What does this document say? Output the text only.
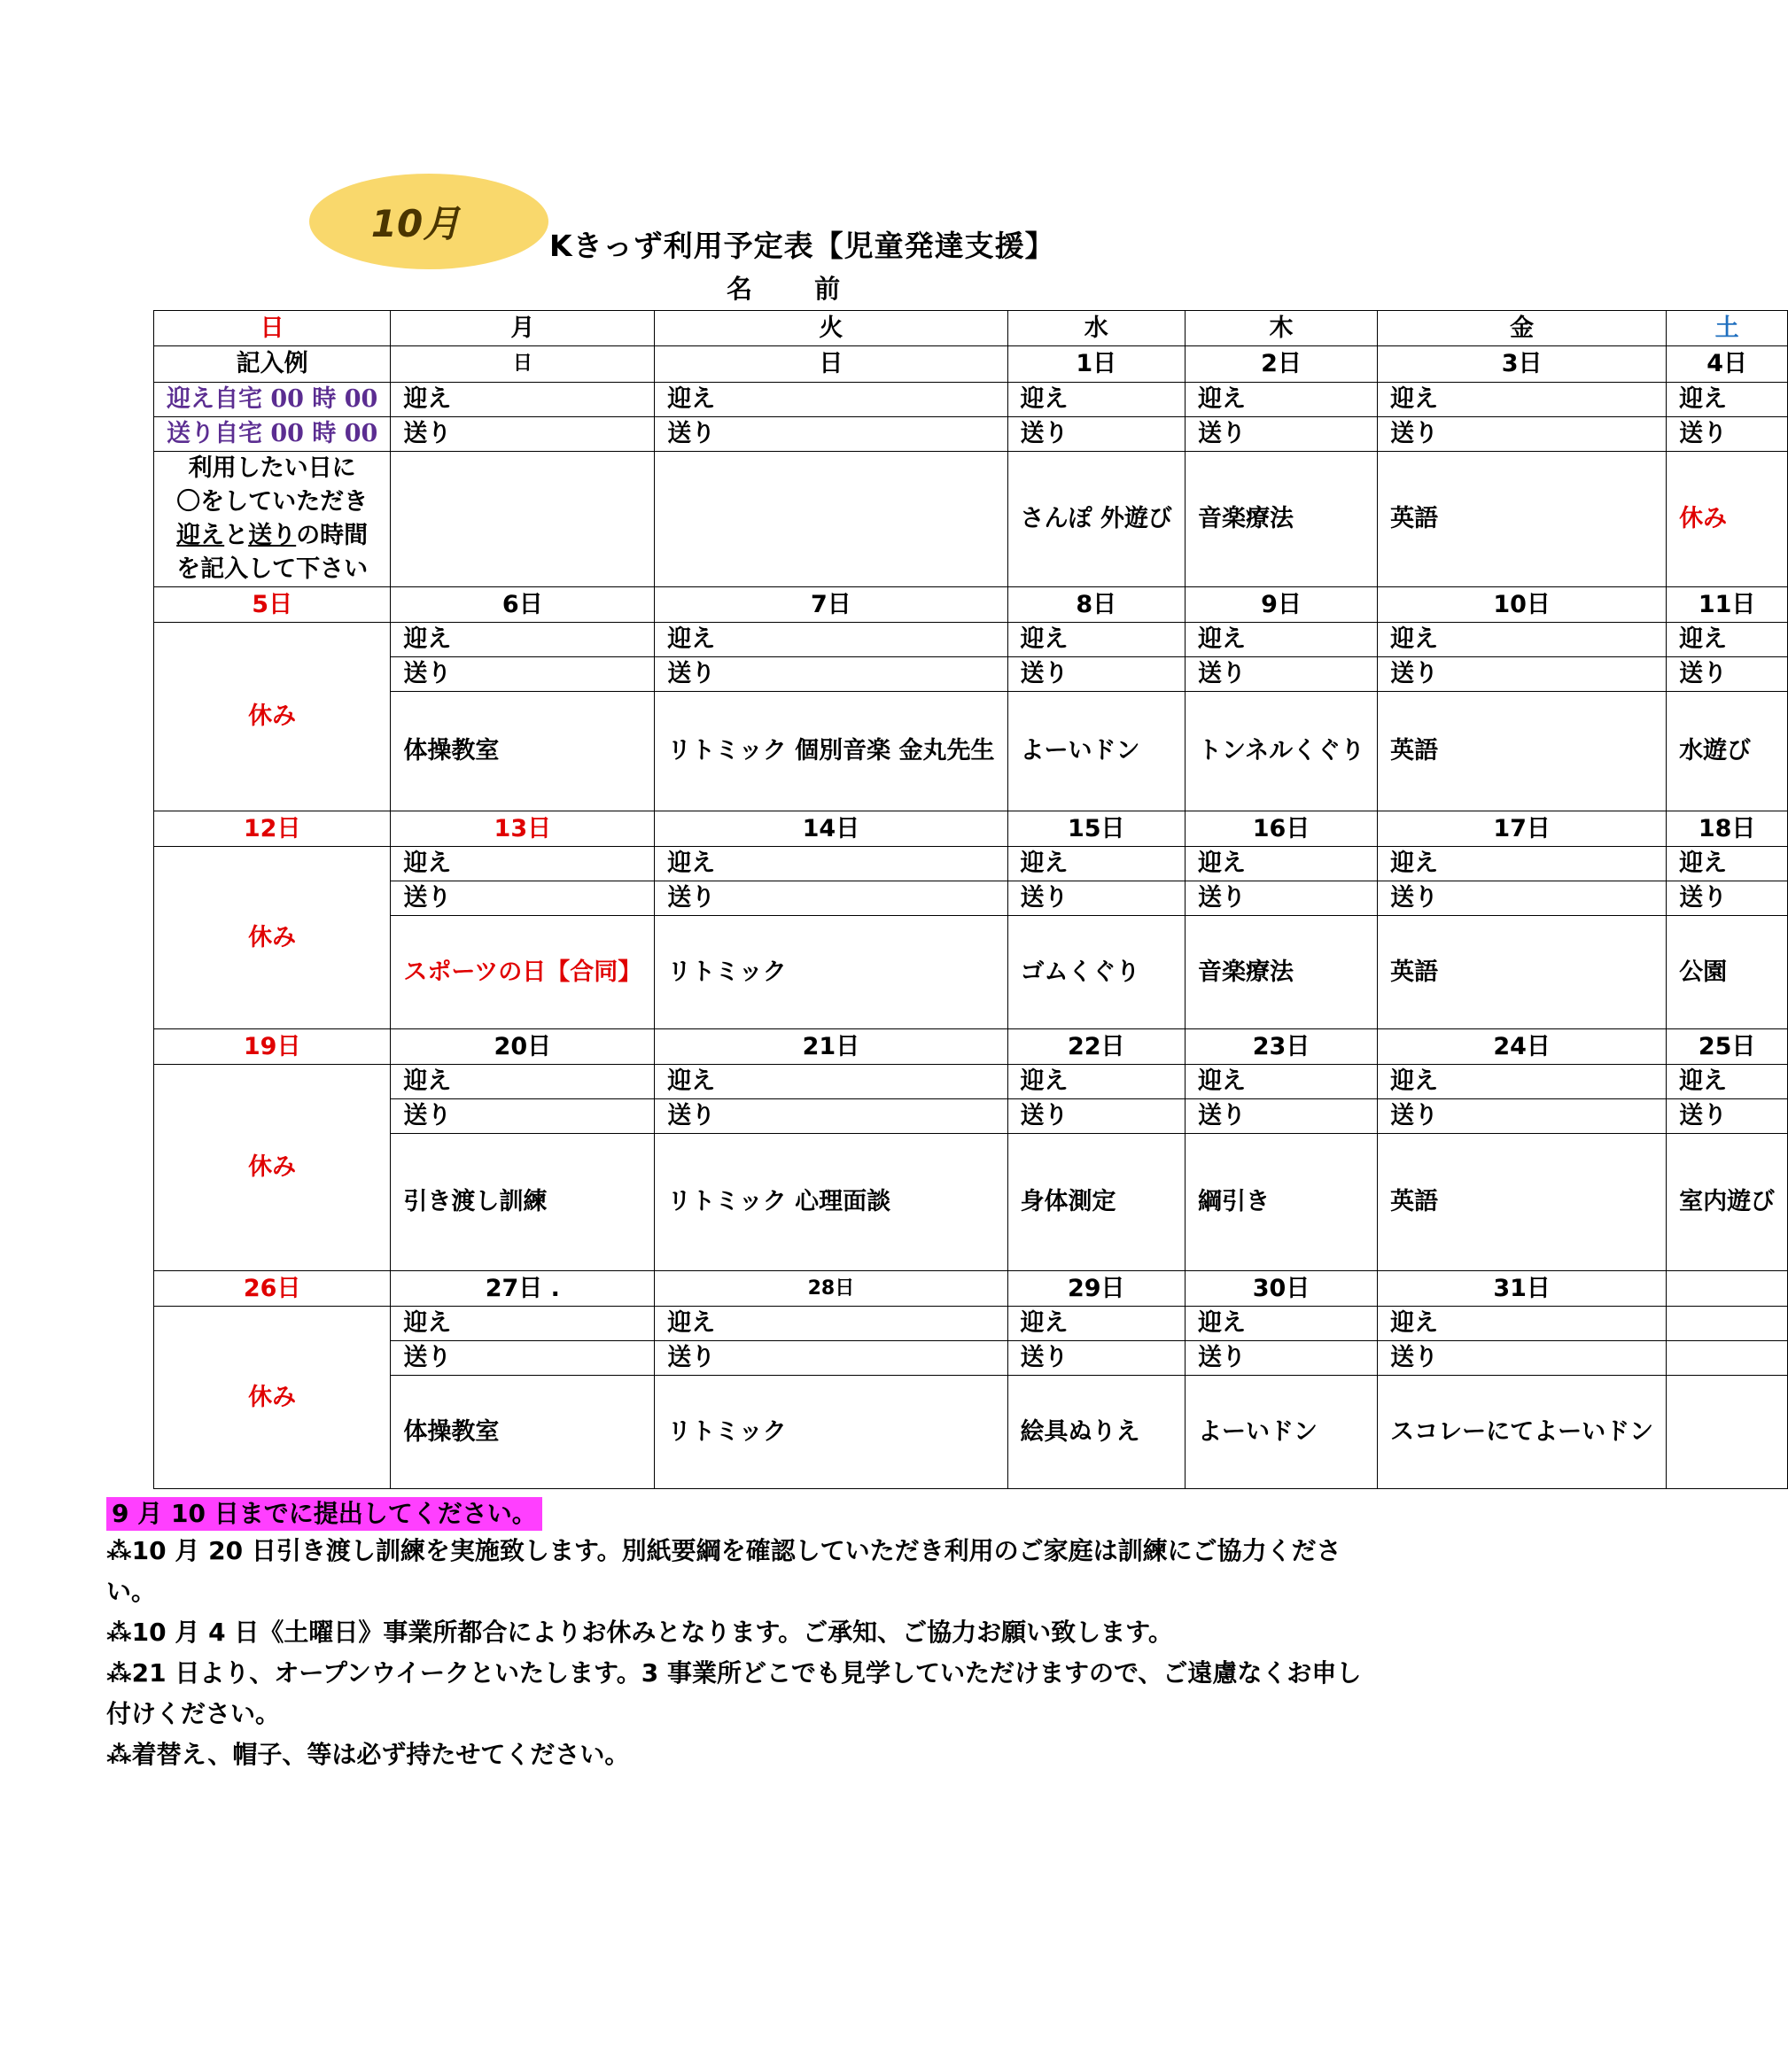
10月
Kきっず利用予定表【児童発達支援】
名 前
日	月	火	水	木	金	土
記入例	日	日	1日	2日	3日	4日
迎え自宅 00 時 00	迎え	迎え	迎え	迎え	迎え	迎え
送り自宅 00 時 00	送り	送り	送り	送り	送り	送り

利用したい日に
〇をしていただき
迎えと送りの時間
を記入して下さい			さんぽ 外遊び	音楽療法	英語	休み
5日	6日	7日	8日	9日	10日	11日
休み	迎え	迎え	迎え	迎え	迎え	迎え
	送り	送り	送り	送り	送り	送り
	体操教室	リトミック 個別音楽 金丸先生	よーいドン	トンネルくぐり	英語	水遊び
12日	13日	14日	15日	16日	17日	18日
休み	迎え	迎え	迎え	迎え	迎え	迎え
	送り	送り	送り	送り	送り	送り
	スポーツの日【合同】	リトミック	ゴムくぐり	音楽療法	英語	公園
19日	20日	21日	22日	23日	24日	25日
休み	迎え	迎え	迎え	迎え	迎え	迎え
	送り	送り	送り	送り	送り	送り
	引き渡し訓練	リトミック 心理面談	身体測定	綱引き	英語	室内遊び
26日	27日 .	28日	29日	30日	31日	
休み	迎え	迎え	迎え	迎え	迎え	
	送り	送り	送り	送り	送り	
	体操教室	リトミック	絵具ぬりえ	よーいドン	スコレーにてよーいドン	
9 月 10 日までに提出してください。

⁂10 月 20 日引き渡し訓練を実施致します。別紙要綱を確認していただき利用のご家庭は訓練にご協力ください。

⁂10 月 4 日《土曜日》事業所都合によりお休みとなります。ご承知、ご協力お願い致します。

⁂21 日より、オープンウイークといたします。3 事業所どこでも見学していただけますので、ご遠慮なくお申し付けください。

⁂着替え、帽子、等は必ず持たせてください。
